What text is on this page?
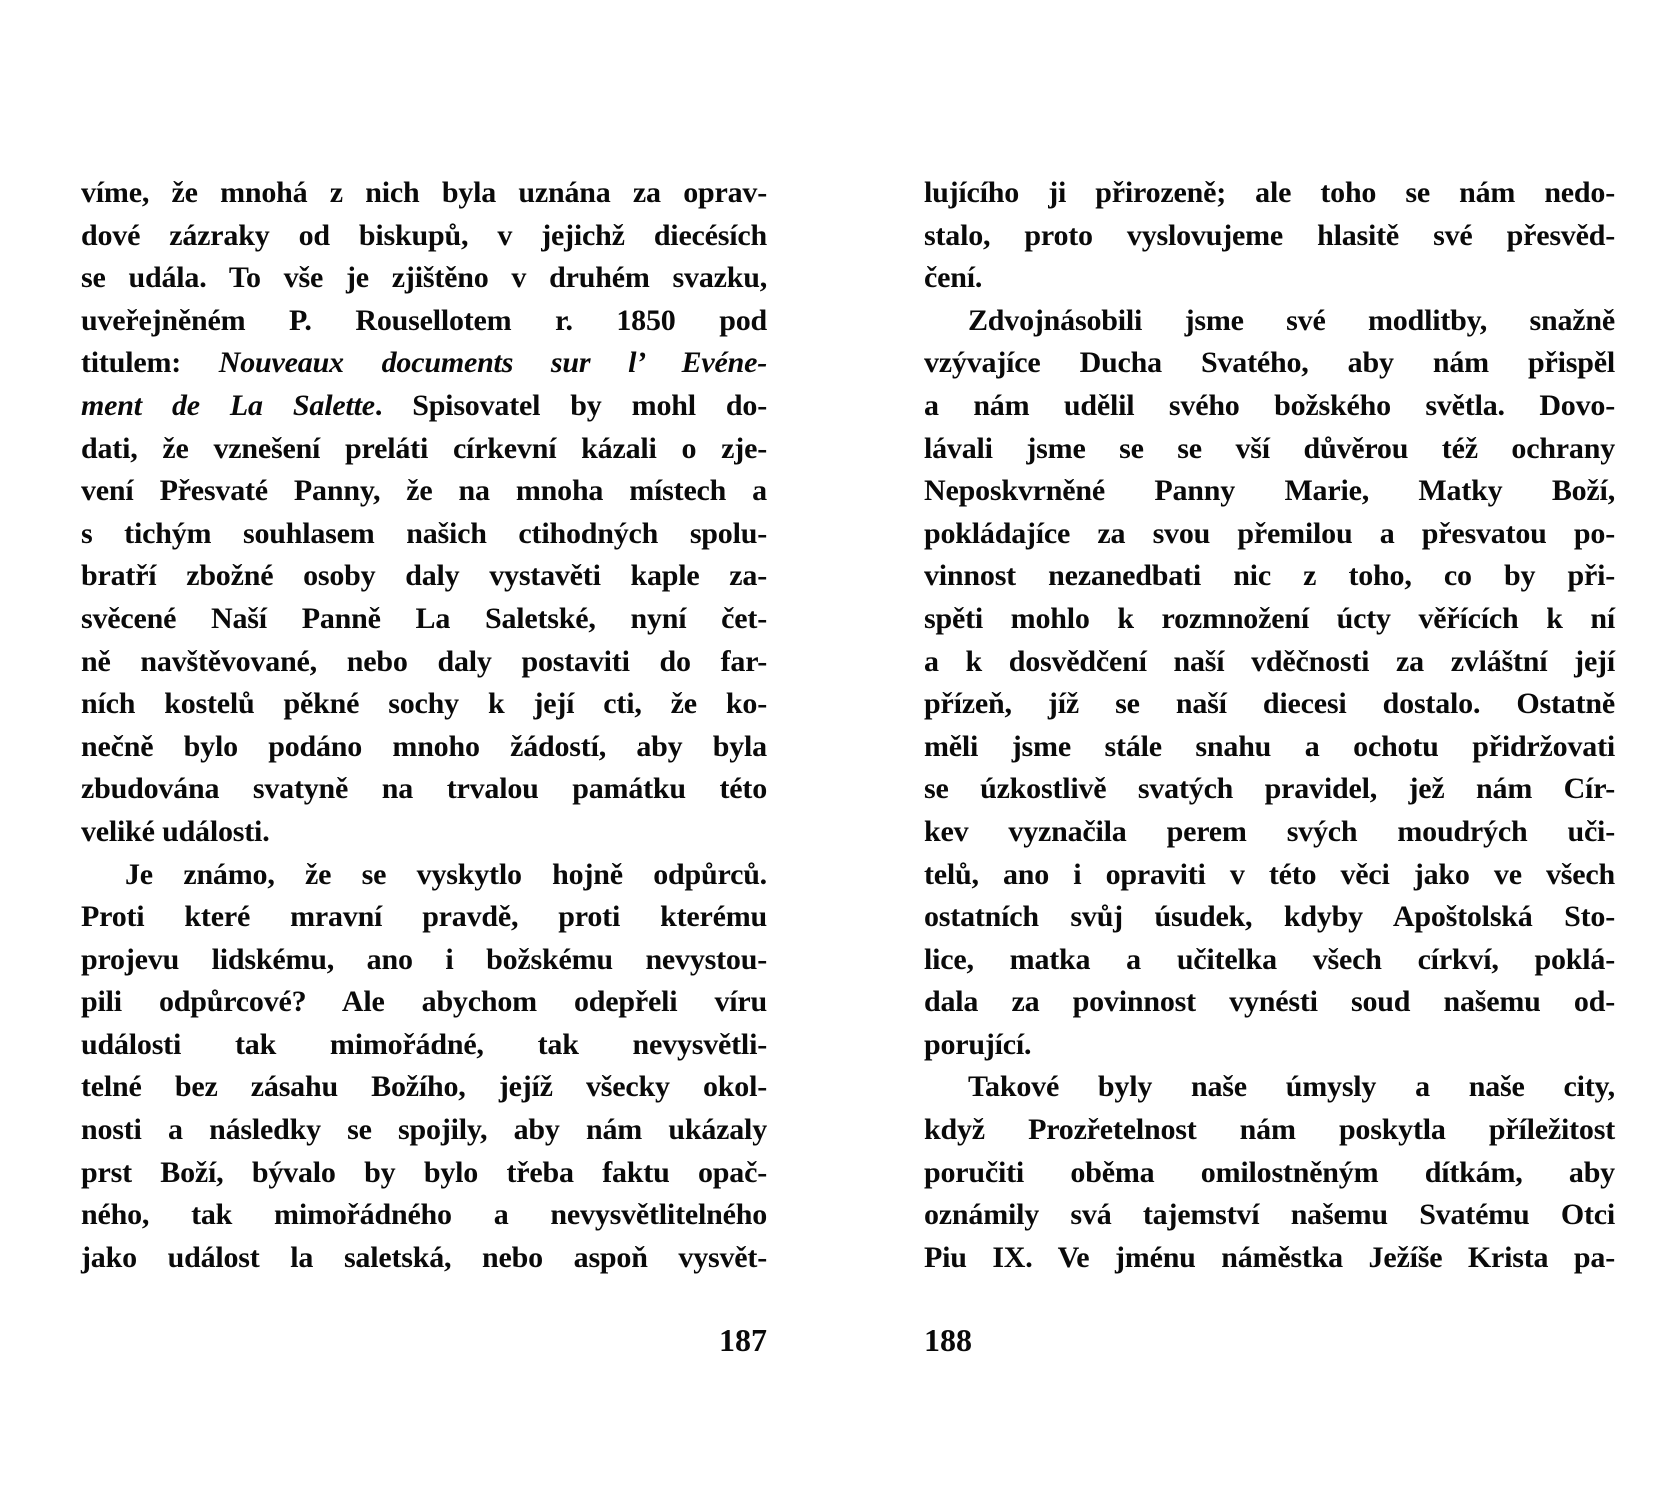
víme, že mnohá z nich byla uznána za oprav-
dové zázraky od biskupů, v jejichž diecésích
se udála. To vše je zjištěno v druhém svazku,
uveřejněném P. Rousellotem r. 1850 pod
titulem: Nouveaux documents sur l’ Evéne-
ment de La Salette. Spisovatel by mohl do-
dati, že vznešení preláti církevní kázali o zje-
vení Přesvaté Panny, že na mnoha místech a
s tichým souhlasem našich ctihodných spolu-
bratří zbožné osoby daly vystavěti kaple za-
svěcené Naší Panně La Saletské, nyní čet-
ně navštěvované, nebo daly postaviti do far-
ních kostelů pěkné sochy k její cti, že ko-
nečně bylo podáno mnoho žádostí, aby byla
zbudována svatyně na trvalou památku této
veliké události.
Je známo, že se vyskytlo hojně odpůrců.
Proti které mravní pravdě, proti kterému
projevu lidskému, ano i božskému nevystou-
pili odpůrcové? Ale abychom odepřeli víru
události tak mimořádné, tak nevysvětli-
telné bez zásahu Božího, jejíž všecky okol-
nosti a následky se spojily, aby nám ukázaly
prst Boží, bývalo by bylo třeba faktu opač-
ného, tak mimořádného a nevysvětlitelného
jako událost la saletská, nebo aspoň vysvět-
lujícího ji přirozeně; ale toho se nám nedo-
stalo, proto vyslovujeme hlasitě své přesvěd-
čení.
Zdvojnásobili jsme své modlitby, snažně
vzývajíce Ducha Svatého, aby nám přispěl
a nám udělil svého božského světla. Dovo-
lávali jsme se se vší důvěrou též ochrany
Neposkvrněné Panny Marie, Matky Boží,
pokládajíce za svou přemilou a přesvatou po-
vinnost nezanedbati nic z toho, co by při-
spěti mohlo k rozmnožení úcty věřících k ní
a k dosvědčení naší vděčnosti za zvláštní její
přízeň, jíž se naší diecesi dostalo. Ostatně
měli jsme stále snahu a ochotu přidržovati
se úzkostlivě svatých pravidel, jež nám Cír-
kev vyznačila perem svých moudrých uči-
telů, ano i opraviti v této věci jako ve všech
ostatních svůj úsudek, kdyby Apoštolská Sto-
lice, matka a učitelka všech církví, poklá-
dala za povinnost vynésti soud našemu od-
porující.
Takové byly naše úmysly a naše city,
když Prozřetelnost nám poskytla příležitost
poručiti oběma omilostněným dítkám, aby
oznámily svá tajemství našemu Svatému Otci
Piu IX. Ve jménu náměstka Ježíše Krista pa-
187	188
